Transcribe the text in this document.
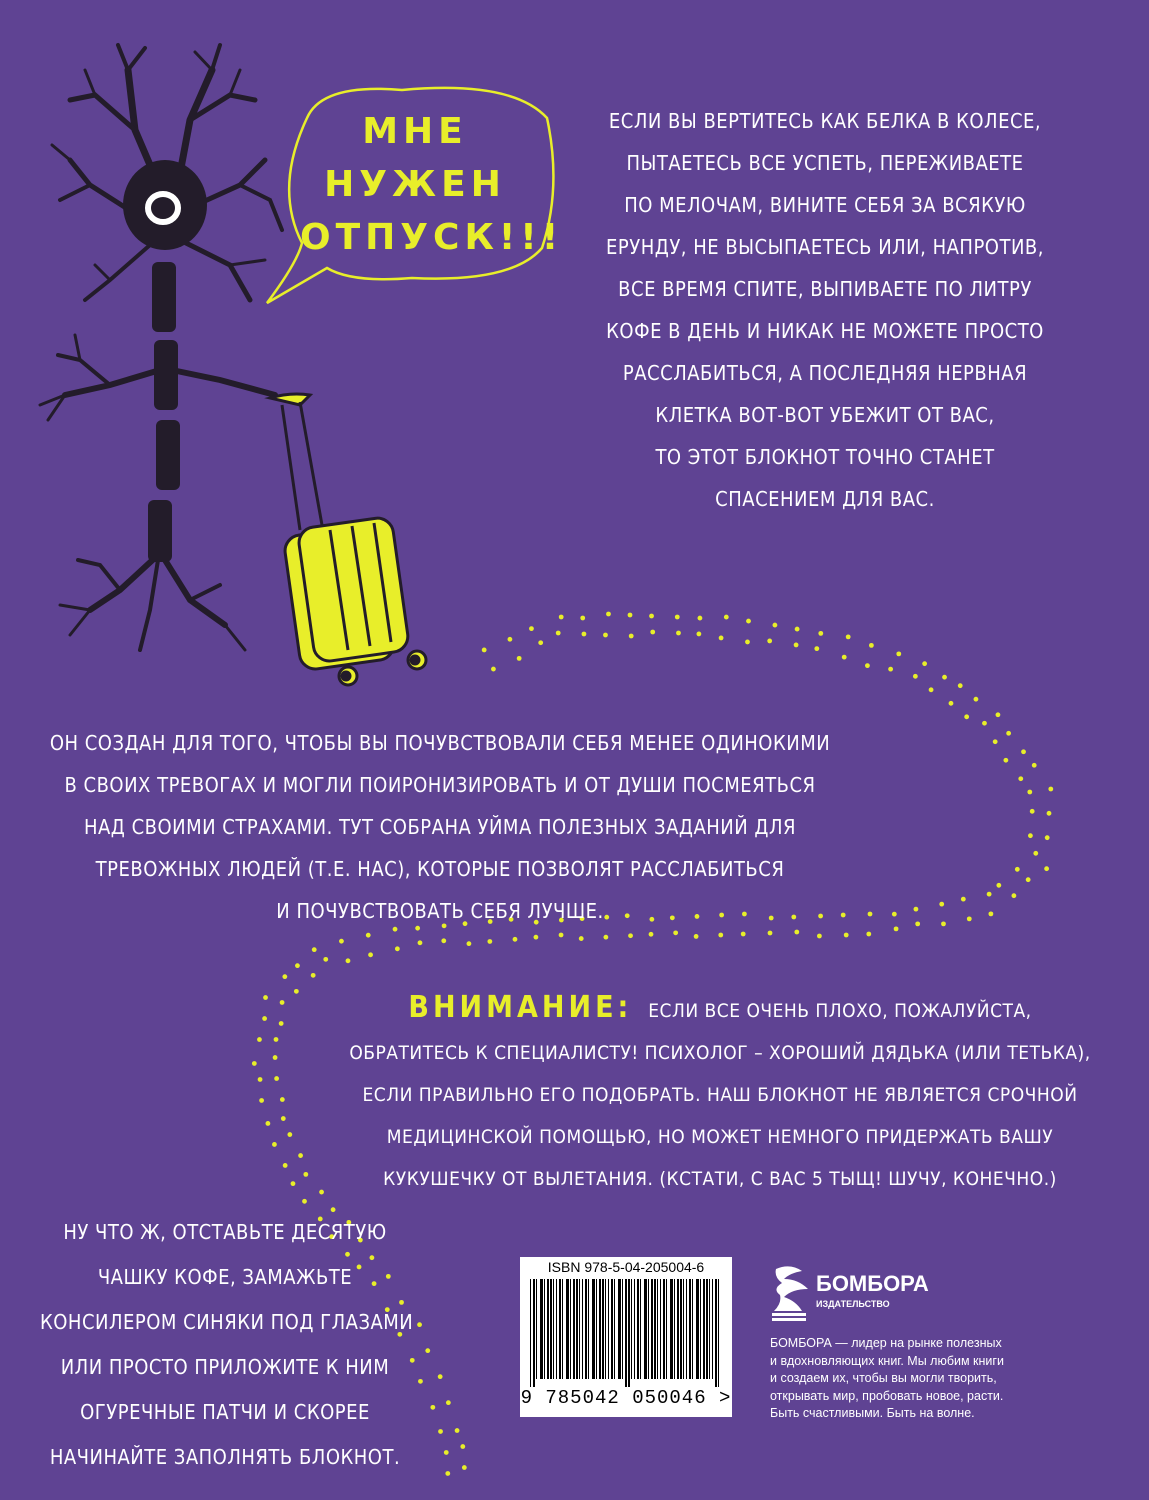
МНЕ
НУЖЕН
ОТПУСК!!!
ЕСЛИ ВЫ ВЕРТИТЕСЬ КАК БЕЛКА В КОЛЕСЕ,
ПЫТАЕТЕСЬ ВСЕ УСПЕТЬ, ПЕРЕЖИВАЕТЕ
ПО МЕЛОЧАМ, ВИНИТЕ СЕБЯ ЗА ВСЯКУЮ
ЕРУНДУ, НЕ ВЫСЫПАЕТЕСЬ ИЛИ, НАПРОТИВ,
ВСЕ ВРЕМЯ СПИТЕ, ВЫПИВАЕТЕ ПО ЛИТРУ
КОФЕ В ДЕНЬ И НИКАК НЕ МОЖЕТЕ ПРОСТО
РАССЛАБИТЬСЯ, А ПОСЛЕДНЯЯ НЕРВНАЯ
КЛЕТКА ВОТ-ВОТ УБЕЖИТ ОТ ВАС,
ТО ЭТОТ БЛОКНОТ ТОЧНО СТАНЕТ
СПАСЕНИЕМ ДЛЯ ВАС.
ОН СОЗДАН ДЛЯ ТОГО, ЧТОБЫ ВЫ ПОЧУВСТВОВАЛИ СЕБЯ МЕНЕЕ ОДИНОКИМИ
В СВОИХ ТРЕВОГАХ И МОГЛИ ПОИРОНИЗИРОВАТЬ И ОТ ДУШИ ПОСМЕЯТЬСЯ
НАД СВОИМИ СТРАХАМИ. ТУТ СОБРАНА УЙМА ПОЛЕЗНЫХ ЗАДАНИЙ ДЛЯ
ТРЕВОЖНЫХ ЛЮДЕЙ (Т.Е. НАС), КОТОРЫЕ ПОЗВОЛЯТ РАССЛАБИТЬСЯ
И ПОЧУВСТВОВАТЬ СЕБЯ ЛУЧШЕ.
ВНИМАНИЕ: ЕСЛИ ВСЕ ОЧЕНЬ ПЛОХО, ПОЖАЛУЙСТА,
ОБРАТИТЕСЬ К СПЕЦИАЛИСТУ! ПСИХОЛОГ – ХОРОШИЙ ДЯДЬКА (ИЛИ ТЕТЬКА),
ЕСЛИ ПРАВИЛЬНО ЕГО ПОДОБРАТЬ. НАШ БЛОКНОТ НЕ ЯВЛЯЕТСЯ СРОЧНОЙ
МЕДИЦИНСКОЙ ПОМОЩЬЮ, НО МОЖЕТ НЕМНОГО ПРИДЕРЖАТЬ ВАШУ
КУКУШЕЧКУ ОТ ВЫЛЕТАНИЯ. (КСТАТИ, С ВАС 5 ТЫЩ! ШУЧУ, КОНЕЧНО.)
НУ ЧТО Ж, ОТСТАВЬТЕ ДЕСЯТУЮ
ЧАШКУ КОФЕ, ЗАМАЖЬТЕ
КОНСИЛЕРОМ СИНЯКИ ПОД ГЛАЗАМИ
ИЛИ ПРОСТО ПРИЛОЖИТЕ К НИМ
ОГУРЕЧНЫЕ ПАТЧИ И СКОРЕЕ
НАЧИНАЙТЕ ЗАПОЛНЯТЬ БЛОКНОТ.
ISBN 978-5-04-205004-6
9 785042 050046 >
БОМБОРА
ИЗДАТЕЛЬСТВО
БОМБОРА — лидер на рынке полезных
и вдохновляющих книг. Мы любим книги
и создаем их, чтобы вы могли творить,
открывать мир, пробовать новое, расти.
Быть счастливыми. Быть на волне.
